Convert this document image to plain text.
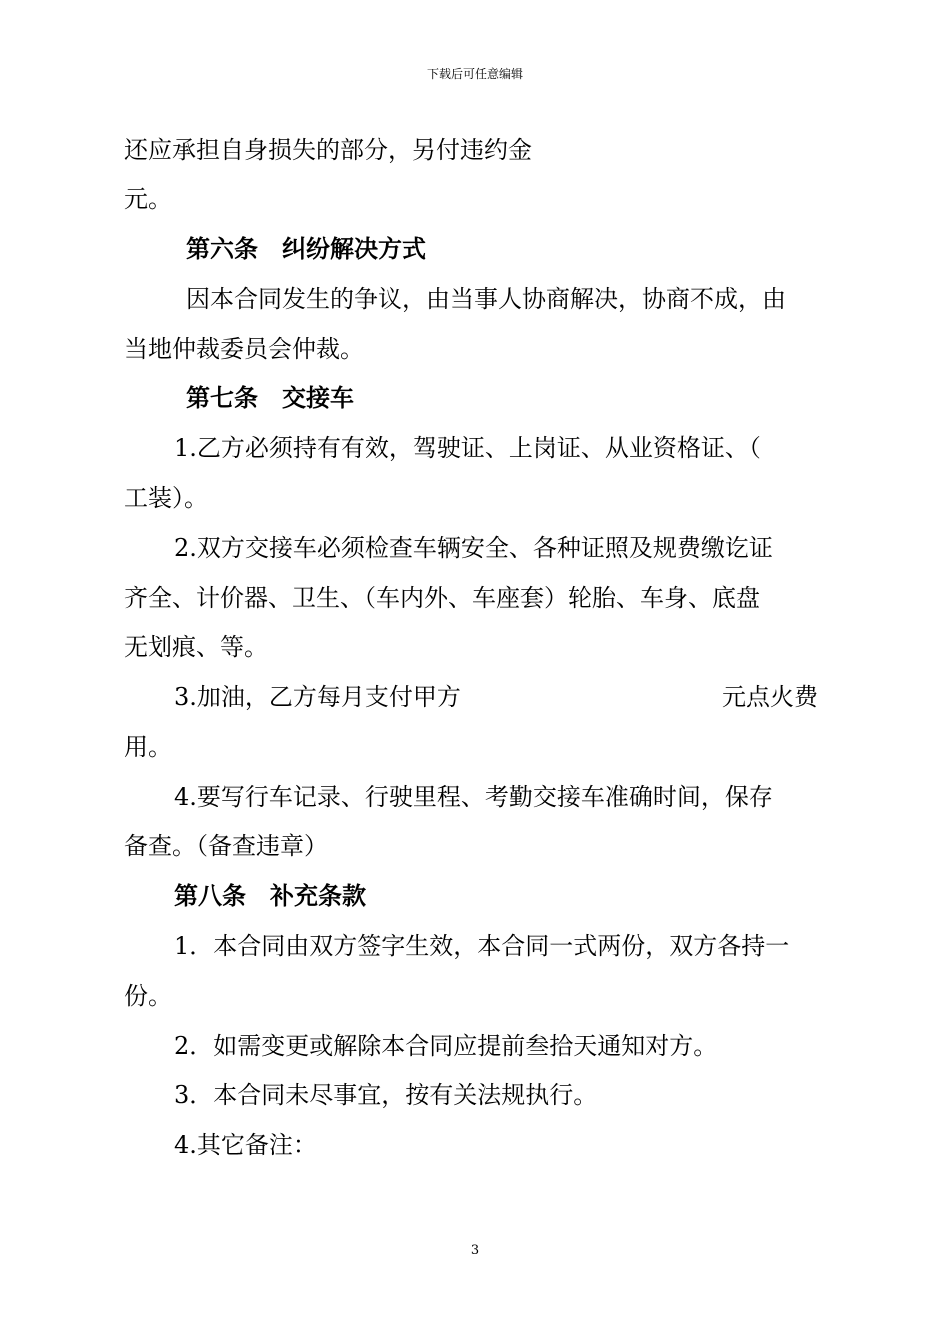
下载后可任意编辑
还应承担自身损失的部分，另付违约金
元。
第六条　纠纷解决方式
因本合同发生的争议，由当事人协商解决，协商不成，由
当地仲裁委员会仲裁。
第七条　交接车
1.乙方必须持有有效，驾驶证、上岗证、从业资格证、（
工装）。
2.双方交接车必须检查车辆安全、各种证照及规费缴讫证
齐全、计价器、卫生、（车内外、车座套）轮胎、车身、底盘
无划痕、等。
3.加油，乙方每月支付甲方	元点火费
用。
4.要写行车记录、行驶里程、考勤交接车准确时间，保存
备查。（备查违章）
第八条　补充条款
1．本合同由双方签字生效，本合同一式两份，双方各持一
份。
2．如需变更或解除本合同应提前叁拾天通知对方。
3．本合同未尽事宜，按有关法规执行。
4.其它备注：
3
